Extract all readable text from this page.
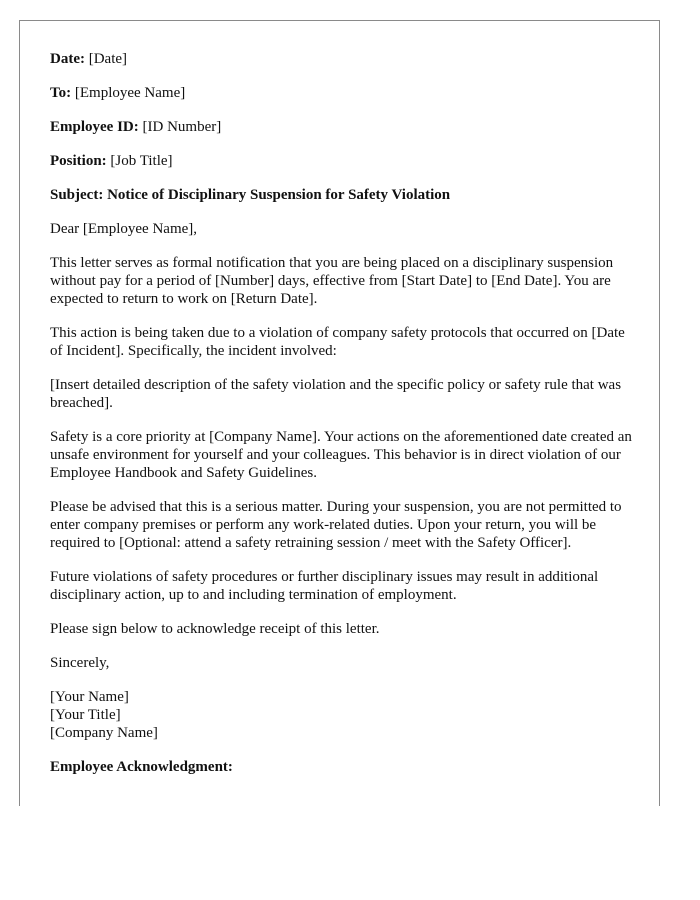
Date: [Date]

To: [Employee Name]

Employee ID: [ID Number]

Position: [Job Title]

Subject: Notice of Disciplinary Suspension for Safety Violation

Dear [Employee Name],

This letter serves as formal notification that you are being placed on a disciplinary suspension without pay for a period of [Number] days, effective from [Start Date] to [End Date]. You are expected to return to work on [Return Date].

This action is being taken due to a violation of company safety protocols that occurred on [Date of Incident]. Specifically, the incident involved:

[Insert detailed description of the safety violation and the specific policy or safety rule that was breached].

Safety is a core priority at [Company Name]. Your actions on the aforementioned date created an unsafe environment for yourself and your colleagues. This behavior is in direct violation of our Employee Handbook and Safety Guidelines.

Please be advised that this is a serious matter. During your suspension, you are not permitted to enter company premises or perform any work-related duties. Upon your return, you will be required to [Optional: attend a safety retraining session / meet with the Safety Officer].

Future violations of safety procedures or further disciplinary issues may result in additional disciplinary action, up to and including termination of employment.

Please sign below to acknowledge receipt of this letter.

Sincerely,

[Your Name]
[Your Title]
[Company Name]

Employee Acknowledgment:
